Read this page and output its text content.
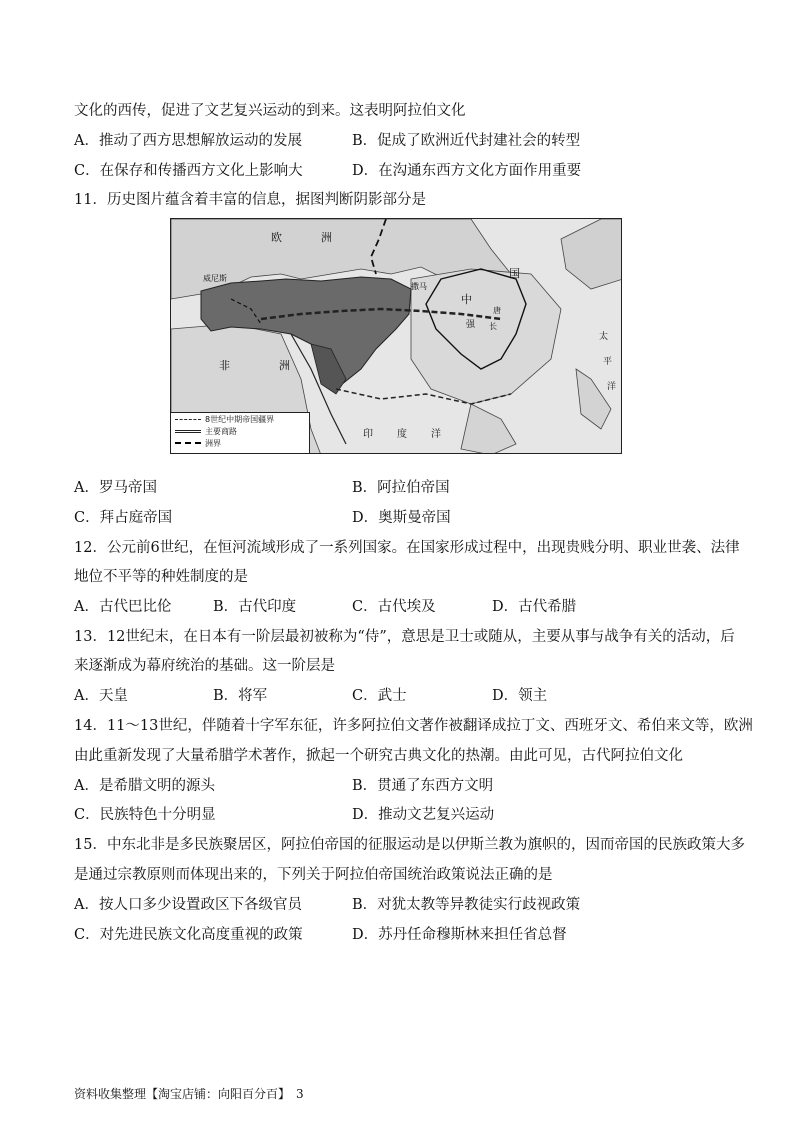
文化的西传，促进了文艺复兴运动的到来。这表明阿拉伯文化
A．推动了西方思想解放运动的发展	B．促成了欧洲近代封建社会的转型
C．在保存和传播西方文化上影响大	D．在沟通东西方文化方面作用重要
11．历史图片蕴含着丰富的信息，据图判断阴影部分是
欧	洲
威尼斯
撒马
非	洲
中
国
长
唐
强
印 度 洋
太
平
洋
8世纪中期帝国疆界
主要商路
洲界
A．罗马帝国	B．阿拉伯帝国
C．拜占庭帝国	D．奥斯曼帝国
12．公元前6世纪，在恒河流域形成了一系列国家。在国家形成过程中，出现贵贱分明、职业世袭、法律
地位不平等的种姓制度的是
A．古代巴比伦	B．古代印度	C．古代埃及	D．古代希腊
13．12世纪末，在日本有一阶层最初被称为“侍”，意思是卫士或随从，主要从事与战争有关的活动，后
来逐渐成为幕府统治的基础。这一阶层是
A．天皇	B．将军	C．武士	D．领主
14．11～13世纪，伴随着十字军东征，许多阿拉伯文著作被翻译成拉丁文、西班牙文、希伯来文等，欧洲
由此重新发现了大量希腊学术著作，掀起一个研究古典文化的热潮。由此可见，古代阿拉伯文化
A．是希腊文明的源头	B．贯通了东西方文明
C．民族特色十分明显	D．推动文艺复兴运动
15．中东北非是多民族聚居区，阿拉伯帝国的征服运动是以伊斯兰教为旗帜的，因而帝国的民族政策大多
是通过宗教原则而体现出来的，下列关于阿拉伯帝国统治政策说法正确的是
A．按人口多少设置政区下各级官员	B．对犹太教等异教徒实行歧视政策
C．对先进民族文化高度重视的政策	D．苏丹任命穆斯林来担任省总督
资料收集整理【淘宝店铺：向阳百分百】　3
